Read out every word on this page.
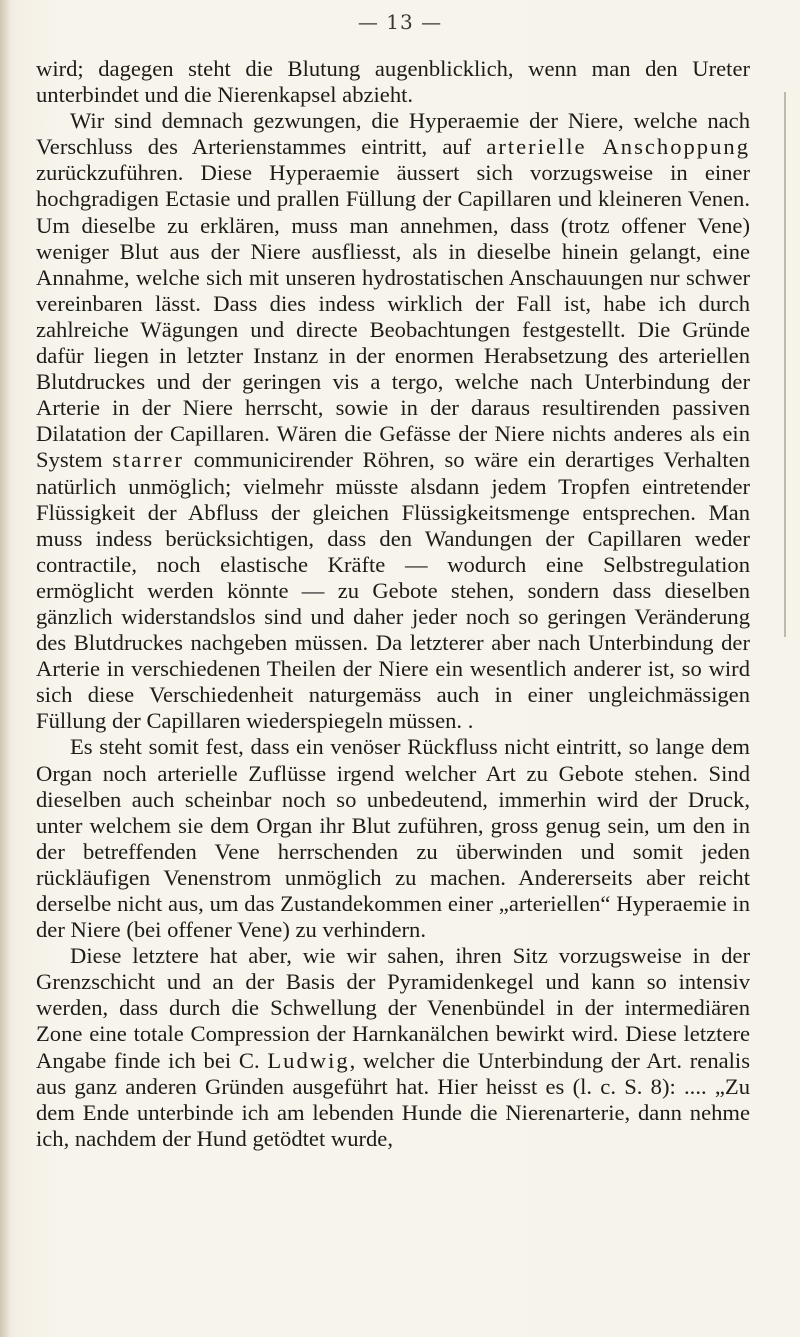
— 13 —

wird; dagegen steht die Blutung augenblicklich, wenn man den Ureter unterbindet und die Nierenkapsel abzieht.

Wir sind demnach gezwungen, die Hyperaemie der Niere, welche nach Verschluss des Arterienstammes eintritt, auf arterielle Anschoppung zurückzuführen. Diese Hyperaemie äussert sich vorzugsweise in einer hochgradigen Ectasie und prallen Füllung der Capillaren und kleineren Venen. Um dieselbe zu erklären, muss man annehmen, dass (trotz offener Vene) weniger Blut aus der Niere ausfliesst, als in dieselbe hinein gelangt, eine Annahme, welche sich mit unseren hydrostatischen Anschauungen nur schwer vereinbaren lässt. Dass dies indess wirklich der Fall ist, habe ich durch zahlreiche Wägungen und directe Beobachtungen festgestellt. Die Gründe dafür liegen in letzter Instanz in der enormen Herabsetzung des arteriellen Blutdruckes und der geringen vis a tergo, welche nach Unterbindung der Arterie in der Niere herrscht, sowie in der daraus resultirenden passiven Dilatation der Capillaren. Wären die Gefässe der Niere nichts anderes als ein System starrer communicirender Röhren, so wäre ein derartiges Verhalten natürlich unmöglich; vielmehr müsste alsdann jedem Tropfen eintretender Flüssigkeit der Abfluss der gleichen Flüssigkeitsmenge entsprechen. Man muss indess berücksichtigen, dass den Wandungen der Capillaren weder contractile, noch elastische Kräfte — wodurch eine Selbstregulation ermöglicht werden könnte — zu Gebote stehen, sondern dass dieselben gänzlich widerstandslos sind und daher jeder noch so geringen Veränderung des Blutdruckes nachgeben müssen. Da letzterer aber nach Unterbindung der Arterie in verschiedenen Theilen der Niere ein wesentlich anderer ist, so wird sich diese Verschiedenheit naturgemäss auch in einer ungleichmässigen Füllung der Capillaren wiederspiegeln müssen. .

Es steht somit fest, dass ein venöser Rückfluss nicht eintritt, so lange dem Organ noch arterielle Zuflüsse irgend welcher Art zu Gebote stehen. Sind dieselben auch scheinbar noch so unbedeutend, immerhin wird der Druck, unter welchem sie dem Organ ihr Blut zuführen, gross genug sein, um den in der betreffenden Vene herrschenden zu überwinden und somit jeden rückläufigen Venenstrom unmöglich zu machen. Andererseits aber reicht derselbe nicht aus, um das Zustandekommen einer „arteriellen“ Hyperaemie in der Niere (bei offener Vene) zu verhindern.

Diese letztere hat aber, wie wir sahen, ihren Sitz vorzugsweise in der Grenzschicht und an der Basis der Pyramidenkegel und kann so intensiv werden, dass durch die Schwellung der Venenbündel in der intermediären Zone eine totale Compression der Harnkanälchen bewirkt wird. Diese letztere Angabe finde ich bei C. Ludwig, welcher die Unterbindung der Art. renalis aus ganz anderen Gründen ausgeführt hat. Hier heisst es (l. c. S. 8): .... „Zu dem Ende unterbinde ich am lebenden Hunde die Nierenarterie, dann nehme ich, nachdem der Hund getödtet wurde,
